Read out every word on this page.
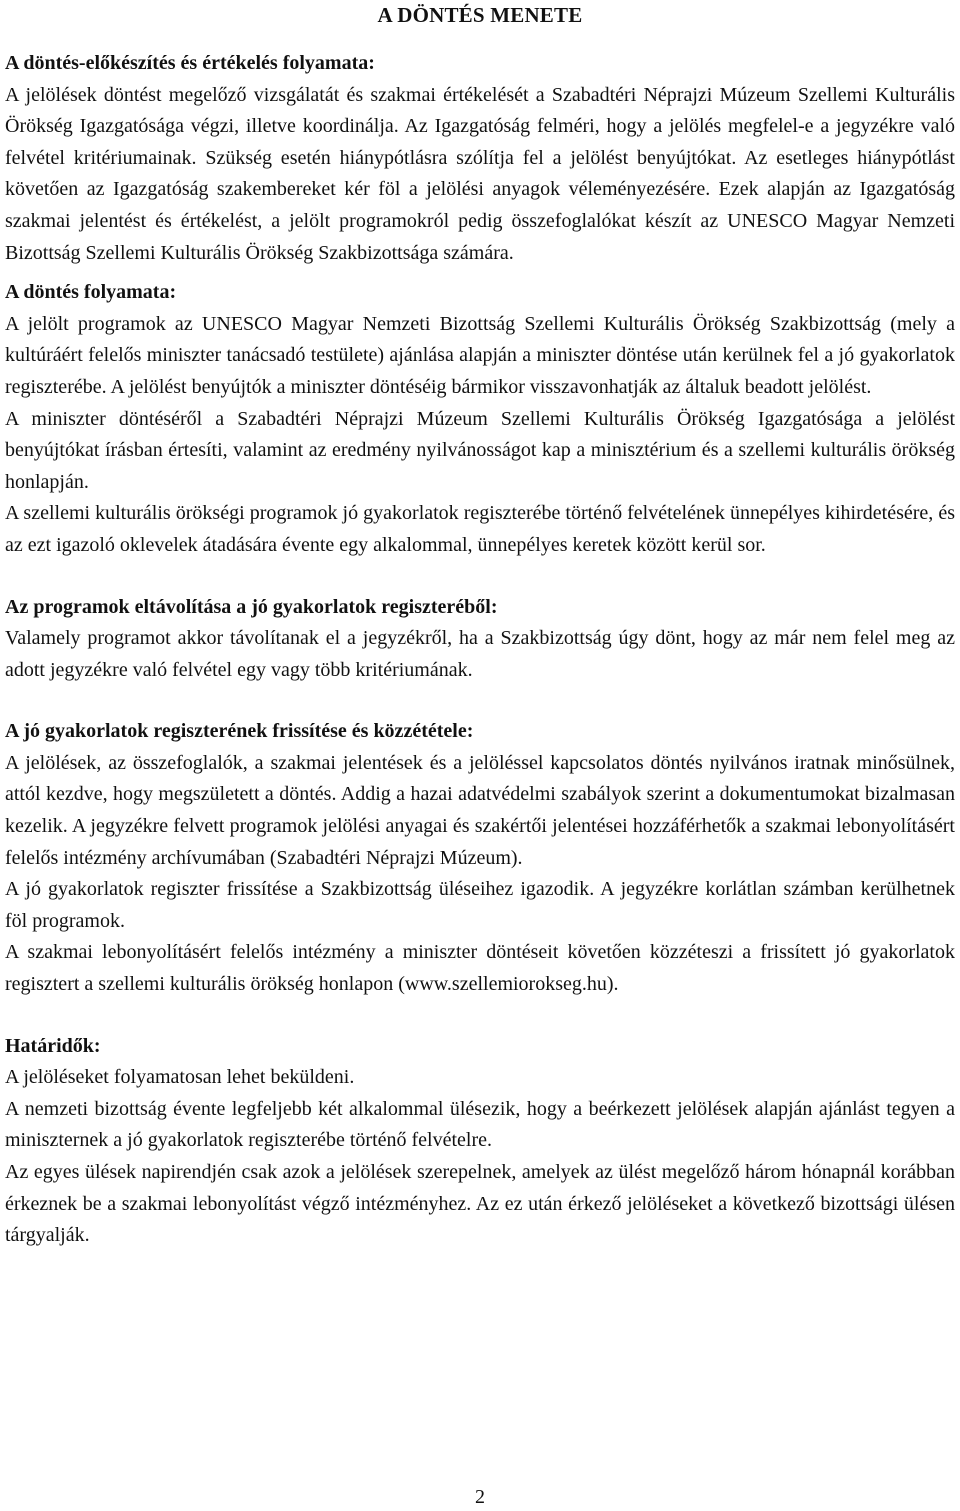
A DÖNTÉS MENETE

A döntés-előkészítés és értékelés folyamata:

A jelölések döntést megelőző vizsgálatát és szakmai értékelését a Szabadtéri Néprajzi Múzeum Szellemi Kulturális Örökség Igazgatósága végzi, illetve koordinálja. Az Igazgatóság felméri, hogy a jelölés megfelel-e a jegyzékre való felvétel kritériumainak. Szükség esetén hiánypótlásra szólítja fel a jelölést benyújtókat. Az esetleges hiánypótlást követően az Igazgatóság szakembereket kér föl a jelölési anyagok véleményezésére. Ezek alapján az Igazgatóság szakmai jelentést és értékelést, a jelölt programokról pedig összefoglalókat készít az UNESCO Magyar Nemzeti Bizottság Szellemi Kulturális Örökség Szakbizottsága számára.

A döntés folyamata:

A jelölt programok az UNESCO Magyar Nemzeti Bizottság Szellemi Kulturális Örökség Szakbizottság (mely a kultúráért felelős miniszter tanácsadó testülete) ajánlása alapján a miniszter döntése után kerülnek fel a jó gyakorlatok regiszterébe. A jelölést benyújtók a miniszter döntéséig bármikor visszavonhatják az általuk beadott jelölést.

A miniszter döntéséről a Szabadtéri Néprajzi Múzeum Szellemi Kulturális Örökség Igazgatósága a jelölést benyújtókat írásban értesíti, valamint az eredmény nyilvánosságot kap a minisztérium és a szellemi kulturális örökség honlapján.

A szellemi kulturális örökségi programok jó gyakorlatok regiszterébe történő felvételének ünnepélyes kihirdetésére, és az ezt igazoló oklevelek átadására évente egy alkalommal, ünnepélyes keretek között kerül sor.

Az programok eltávolítása a jó gyakorlatok regiszteréből:

Valamely programot akkor távolítanak el a jegyzékről, ha a Szakbizottság úgy dönt, hogy az már nem felel meg az adott jegyzékre való felvétel egy vagy több kritériumának.

A jó gyakorlatok regiszterének frissítése és közzététele:

A jelölések, az összefoglalók, a szakmai jelentések és a jelöléssel kapcsolatos döntés nyilvános iratnak minősülnek, attól kezdve, hogy megszületett a döntés. Addig a hazai adatvédelmi szabályok szerint a dokumentumokat bizalmasan kezelik. A jegyzékre felvett programok jelölési anyagai és szakértői jelentései hozzáférhetők a szakmai lebonyolításért felelős intézmény archívumában (Szabadtéri Néprajzi Múzeum).

A jó gyakorlatok regiszter frissítése a Szakbizottság üléseihez igazodik. A jegyzékre korlátlan számban kerülhetnek föl programok.

A szakmai lebonyolításért felelős intézmény a miniszter döntéseit követően közzéteszi a frissített jó gyakorlatok regisztert a szellemi kulturális örökség honlapon (www.szellemiorokseg.hu).

Határidők:

A jelöléseket folyamatosan lehet beküldeni.

A nemzeti bizottság évente legfeljebb két alkalommal ülésezik, hogy a beérkezett jelölések alapján ajánlást tegyen a miniszternek a jó gyakorlatok regiszterébe történő felvételre.

Az egyes ülések napirendjén csak azok a jelölések szerepelnek, amelyek az ülést megelőző három hónapnál korábban érkeznek be a szakmai lebonyolítást végző intézményhez. Az ez után érkező jelöléseket a következő bizottsági ülésen tárgyalják.

2
